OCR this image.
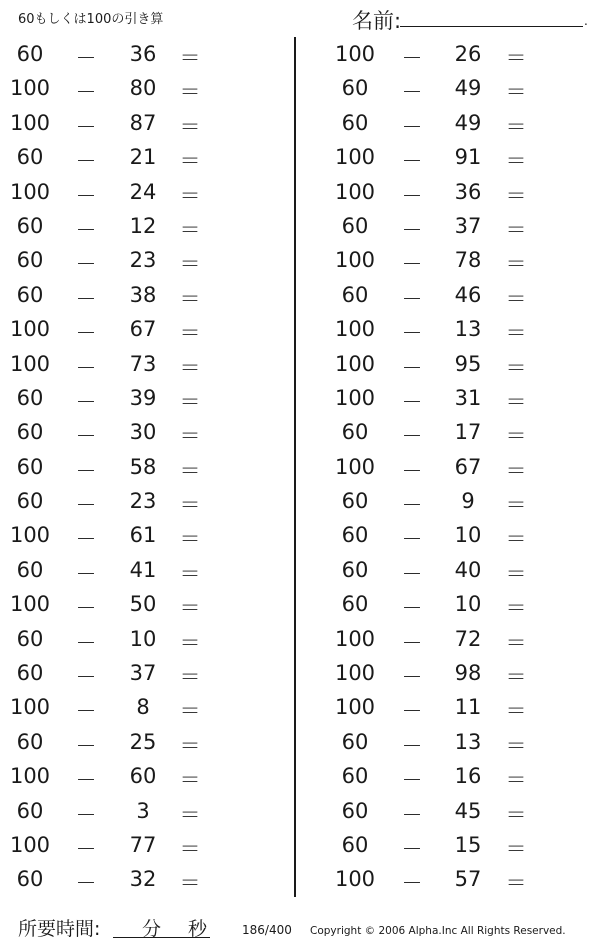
60もしくは100の引き算	名前:	.
60	－	36	＝
100	－	80	＝
100	－	87	＝
60	－	21	＝
100	－	24	＝
60	－	12	＝
60	－	23	＝
60	－	38	＝
100	－	67	＝
100	－	73	＝
60	－	39	＝
60	－	30	＝
60	－	58	＝
60	－	23	＝
100	－	61	＝
60	－	41	＝
100	－	50	＝
60	－	10	＝
60	－	37	＝
100	－	8	＝
60	－	25	＝
100	－	60	＝
60	－	3	＝
100	－	77	＝
60	－	32	＝
100	－	26	＝
60	－	49	＝
60	－	49	＝
100	－	91	＝
100	－	36	＝
60	－	37	＝
100	－	78	＝
60	－	46	＝
100	－	13	＝
100	－	95	＝
100	－	31	＝
60	－	17	＝
100	－	67	＝
60	－	9	＝
60	－	10	＝
60	－	40	＝
60	－	10	＝
100	－	72	＝
100	－	98	＝
100	－	11	＝
60	－	13	＝
60	－	16	＝
60	－	45	＝
60	－	15	＝
100	－	57	＝
所要時間: 分 秒	186/400 Copyright © 2006 Alpha.Inc All Rights Reserved.
